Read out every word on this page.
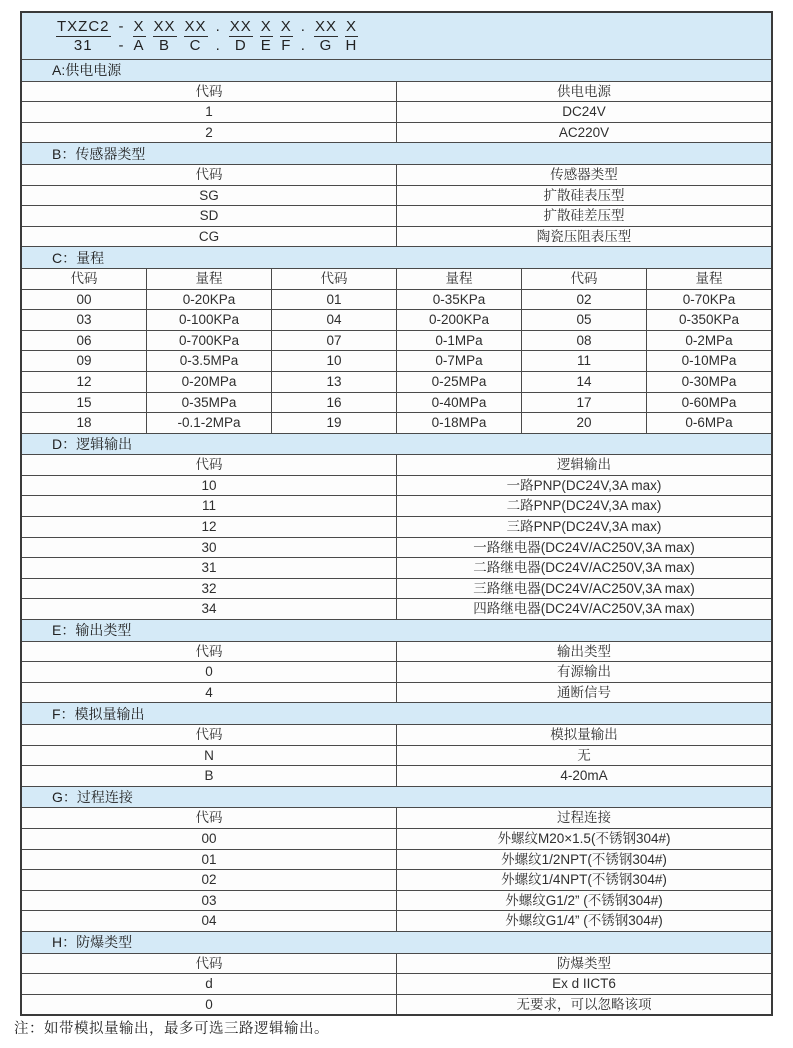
TXZC2
31
-
-
X
A
XX
B
XX
C
.
.
XX
D
X
E
X
F
.
.
XX
G
X
H
A:供电电源
代码	供电电源
1	DC24V
2	AC220V
B：传感器类型
代码	传感器类型
SG	扩散硅表压型
SD	扩散硅差压型
CG	陶瓷压阻表压型
C：量程
代码	量程	代码	量程	代码	量程
00	0-20KPa	01	0-35KPa	02	0-70KPa
03	0-100KPa	04	0-200KPa	05	0-350KPa
06	0-700KPa	07	0-1MPa	08	0-2MPa
09	0-3.5MPa	10	0-7MPa	11	0-10MPa
12	0-20MPa	13	0-25MPa	14	0-30MPa
15	0-35MPa	16	0-40MPa	17	0-60MPa
18	-0.1-2MPa	19	0-18MPa	20	0-6MPa
D：逻辑输出
代码	逻辑输出
10	一路PNP(DC24V,3A max)
11	二路PNP(DC24V,3A max)
12	三路PNP(DC24V,3A max)
30	一路继电器(DC24V/AC250V,3A max)
31	二路继电器(DC24V/AC250V,3A max)
32	三路继电器(DC24V/AC250V,3A max)
34	四路继电器(DC24V/AC250V,3A max)
E：输出类型
代码	输出类型
0	有源输出
4	通断信号
F：模拟量输出
代码	模拟量输出
N	无
B	4-20mA
G：过程连接
代码	过程连接
00	外螺纹M20×1.5(不锈钢304#)
01	外螺纹1/2NPT(不锈钢304#)
02	外螺纹1/4NPT(不锈钢304#)
03	外螺纹G1/2” (不锈钢304#)
04	外螺纹G1/4” (不锈钢304#)
H：防爆类型
代码	防爆类型
d	Ex d IICT6
0	无要求，可以忽略该项
注：如带模拟量输出，最多可选三路逻辑输出。
